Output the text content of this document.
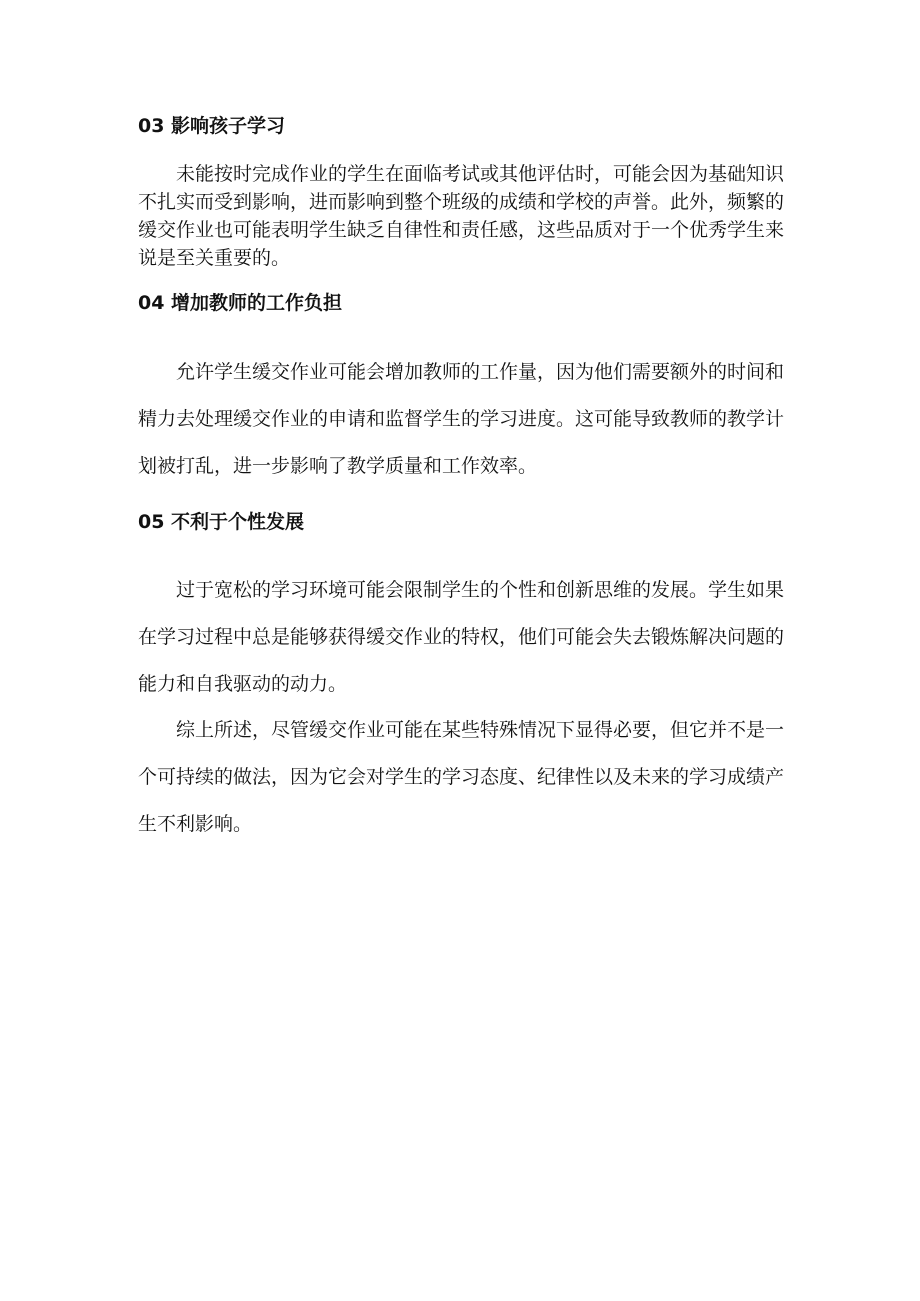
03 影响孩子学习

未能按时完成作业的学生在面临考试或其他评估时，可能会因为基础知识不扎实而受到影响，进而影响到整个班级的成绩和学校的声誉。此外，频繁的缓交作业也可能表明学生缺乏自律性和责任感，这些品质对于一个优秀学生来说是至关重要的。

04 增加教师的工作负担

允许学生缓交作业可能会增加教师的工作量，因为他们需要额外的时间和精力去处理缓交作业的申请和监督学生的学习进度。这可能导致教师的教学计划被打乱，进一步影响了教学质量和工作效率。

05 不利于个性发展

过于宽松的学习环境可能会限制学生的个性和创新思维的发展。学生如果在学习过程中总是能够获得缓交作业的特权，他们可能会失去锻炼解决问题的能力和自我驱动的动力。

综上所述，尽管缓交作业可能在某些特殊情况下显得必要，但它并不是一个可持续的做法，因为它会对学生的学习态度、纪律性以及未来的学习成绩产生不利影响。
